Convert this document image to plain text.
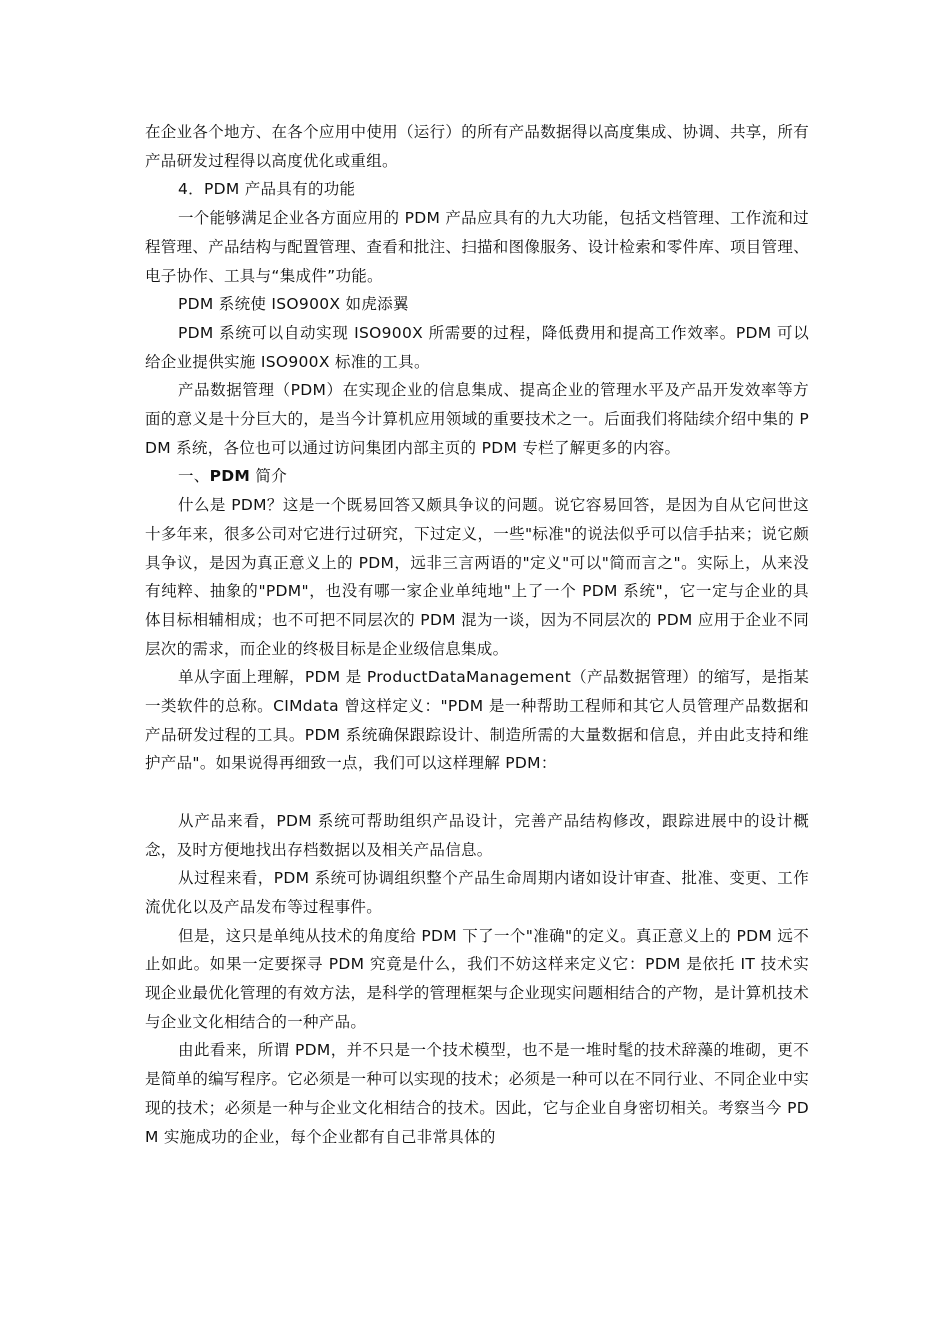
在企业各个地方、在各个应用中使用（运行）的所有产品数据得以高度集成、协调、共享，所有产品研发过程得以高度优化或重组。

4．PDM 产品具有的功能

一个能够满足企业各方面应用的 PDM 产品应具有的九大功能，包括文档管理、工作流和过程管理、产品结构与配置管理、查看和批注、扫描和图像服务、设计检索和零件库、项目管理、电子协作、工具与“集成件”功能。

PDM 系统使 ISO900X 如虎添翼

PDM 系统可以自动实现 ISO900X 所需要的过程，降低费用和提高工作效率。PDM 可以给企业提供实施 ISO900X 标准的工具。

产品数据管理（PDM）在实现企业的信息集成、提高企业的管理水平及产品开发效率等方面的意义是十分巨大的，是当今计算机应用领域的重要技术之一。后面我们将陆续介绍中集的 PDM 系统，各位也可以通过访问集团内部主页的 PDM 专栏了解更多的内容。

一、PDM 简介

什么是 PDM？这是一个既易回答又颇具争议的问题。说它容易回答，是因为自从它问世这十多年来，很多公司对它进行过研究，下过定义，一些"标准"的说法似乎可以信手拈来；说它颇具争议，是因为真正意义上的 PDM，远非三言两语的"定义"可以"简而言之"。实际上，从来没有纯粹、抽象的"PDM"，也没有哪一家企业单纯地"上了一个 PDM 系统"，它一定与企业的具体目标相辅相成；也不可把不同层次的 PDM 混为一谈，因为不同层次的 PDM 应用于企业不同层次的需求，而企业的终极目标是企业级信息集成。

单从字面上理解，PDM 是 ProductDataManagement（产品数据管理）的缩写，是指某一类软件的总称。CIMdata 曾这样定义："PDM 是一种帮助工程师和其它人员管理产品数据和产品研发过程的工具。PDM 系统确保跟踪设计、制造所需的大量数据和信息，并由此支持和维护产品"。如果说得再细致一点，我们可以这样理解 PDM：

从产品来看，PDM 系统可帮助组织产品设计，完善产品结构修改，跟踪进展中的设计概念，及时方便地找出存档数据以及相关产品信息。

从过程来看，PDM 系统可协调组织整个产品生命周期内诸如设计审查、批准、变更、工作流优化以及产品发布等过程事件。

但是，这只是单纯从技术的角度给 PDM 下了一个"准确"的定义。真正意义上的 PDM 远不止如此。如果一定要探寻 PDM 究竟是什么，我们不妨这样来定义它：PDM 是依托 IT 技术实现企业最优化管理的有效方法，是科学的管理框架与企业现实问题相结合的产物，是计算机技术与企业文化相结合的一种产品。

由此看来，所谓 PDM，并不只是一个技术模型，也不是一堆时髦的技术辞藻的堆砌，更不是简单的编写程序。它必须是一种可以实现的技术；必须是一种可以在不同行业、不同企业中实现的技术；必须是一种与企业文化相结合的技术。因此，它与企业自身密切相关。考察当今 PDM 实施成功的企业，每个企业都有自己非常具体的
